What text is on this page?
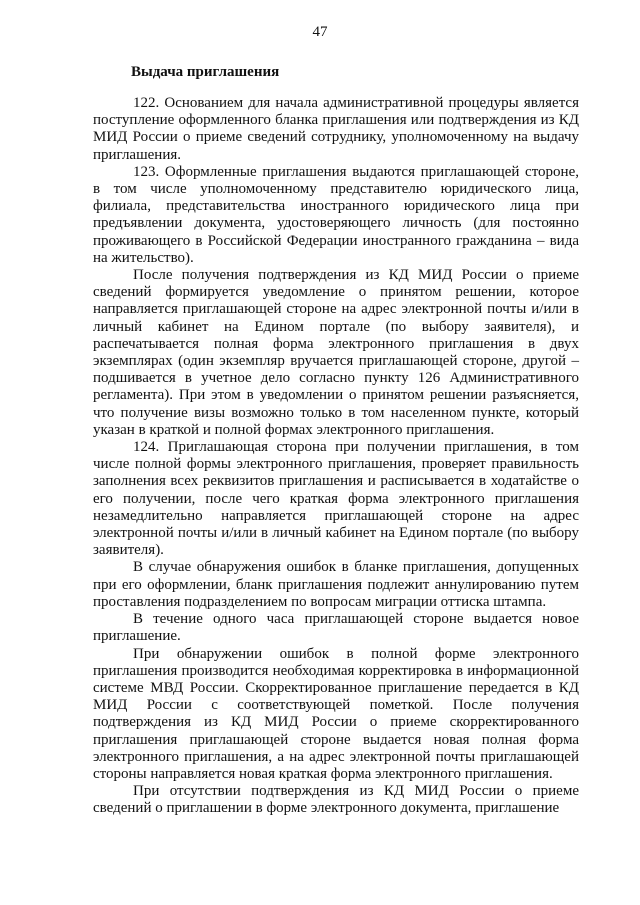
47
Выдача приглашения

122. Основанием для начала административной процедуры является поступление оформленного бланка приглашения или подтверждения из КД МИД России о приеме сведений сотруднику, уполномоченному на выдачу приглашения.

123. Оформленные приглашения выдаются приглашающей стороне, в том числе уполномоченному представителю юридического лица, филиала, представительства иностранного юридического лица при предъявлении документа, удостоверяющего личность (для постоянно проживающего в Российской Федерации иностранного гражданина – вида на жительство).

После получения подтверждения из КД МИД России о приеме сведений формируется уведомление о принятом решении, которое направляется приглашающей стороне на адрес электронной почты и/или в личный кабинет на Едином портале (по выбору заявителя), и распечатывается полная форма электронного приглашения в двух экземплярах (один экземпляр вручается приглашающей стороне, другой – подшивается в учетное дело согласно пункту 126 Административного регламента). При этом в уведомлении о принятом решении разъясняется, что получение визы возможно только в том населенном пункте, который указан в краткой и полной формах электронного приглашения.

124. Приглашающая сторона при получении приглашения, в том числе полной формы электронного приглашения, проверяет правильность заполнения всех реквизитов приглашения и расписывается в ходатайстве о его получении, после чего краткая форма электронного приглашения незамедлительно направляется приглашающей стороне на адрес электронной почты и/или в личный кабинет на Едином портале (по выбору заявителя).

В случае обнаружения ошибок в бланке приглашения, допущенных при его оформлении, бланк приглашения подлежит аннулированию путем проставления подразделением по вопросам миграции оттиска штампа.

В течение одного часа приглашающей стороне выдается новое приглашение.

При обнаружении ошибок в полной форме электронного приглашения производится необходимая корректировка в информационной системе МВД России. Скорректированное приглашение передается в КД МИД России с соответствующей пометкой. После получения подтверждения из КД МИД России о приеме скорректированного приглашения приглашающей стороне выдается новая полная форма электронного приглашения, а на адрес электронной почты приглашающей стороны направляется новая краткая форма электронного приглашения.

При отсутствии подтверждения из КД МИД России о приеме сведений о приглашении в форме электронного документа, приглашение
